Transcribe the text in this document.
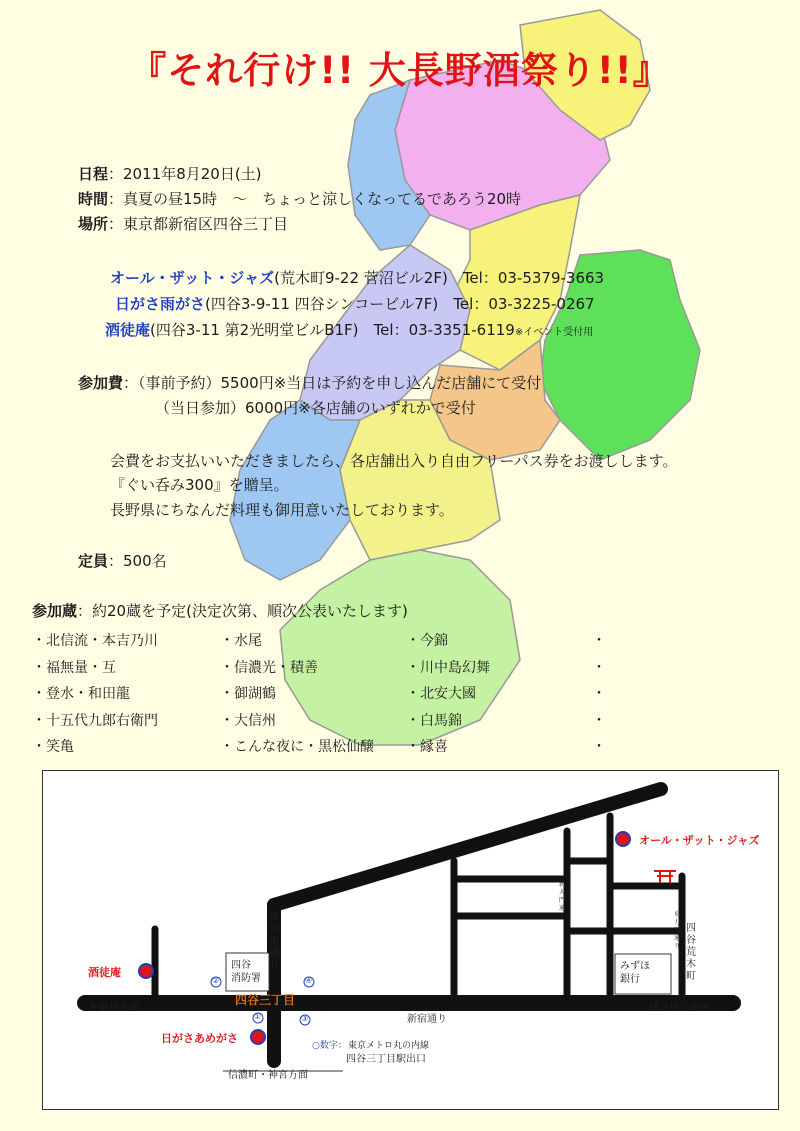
『それ行け!! 大長野酒祭り!!』
日程：2011年8月20日(土)
時間：真夏の昼15時　～　ちょっと涼しくなってるであろう20時
場所：東京都新宿区四谷三丁目
オール・ザット・ジャズ(荒木町9-22 菅沼ビル2F)　 Tel：03-5379-3663
日がさ雨がさ(四谷3-9-11 四谷シンコービル7F)　 Tel：03-3225-0267
酒徒庵(四谷3-11 第2光明堂ビルB1F)　 Tel：03-3351-6119※イベント受付用
参加費：（事前予約）5500円※当日は予約を申し込んだ店舗にて受付
（当日参加）6000円※各店舗のいずれかで受付
会費をお支払いいただきましたら、各店舗出入り自由フリーパス券をお渡しします。
『ぐい呑み300』を贈呈。
長野県にちなんだ料理も御用意いたしております。
定員：500名
参加蔵：約20蔵を予定(決定次第、順次公表いたします)
・北信流・本吉乃川
・福無量・互
・登水・和田龍
・十五代九郎右衛門
・笑亀
・水尾
・信濃光・積善
・御湖鶴
・大信州
・こんな夜に・黒松仙醸
・今錦
・川中島幻舞
・北安大國
・白馬錦
・縁喜
・
・
・
・
・
オール・ザット・ジャズ
酒徒庵
日がさあめがさ
外苑東通り
新宿通り
四谷三丁目
←新宿方面	四ツ谷方面→
四谷
消防署
みずほ
銀行
四谷荒木町
信濃町・神宮方面
○数字： 東京メトロ丸の内線
四谷三丁目駅出口
①
②
③
④
新大門通り	車力門通り
